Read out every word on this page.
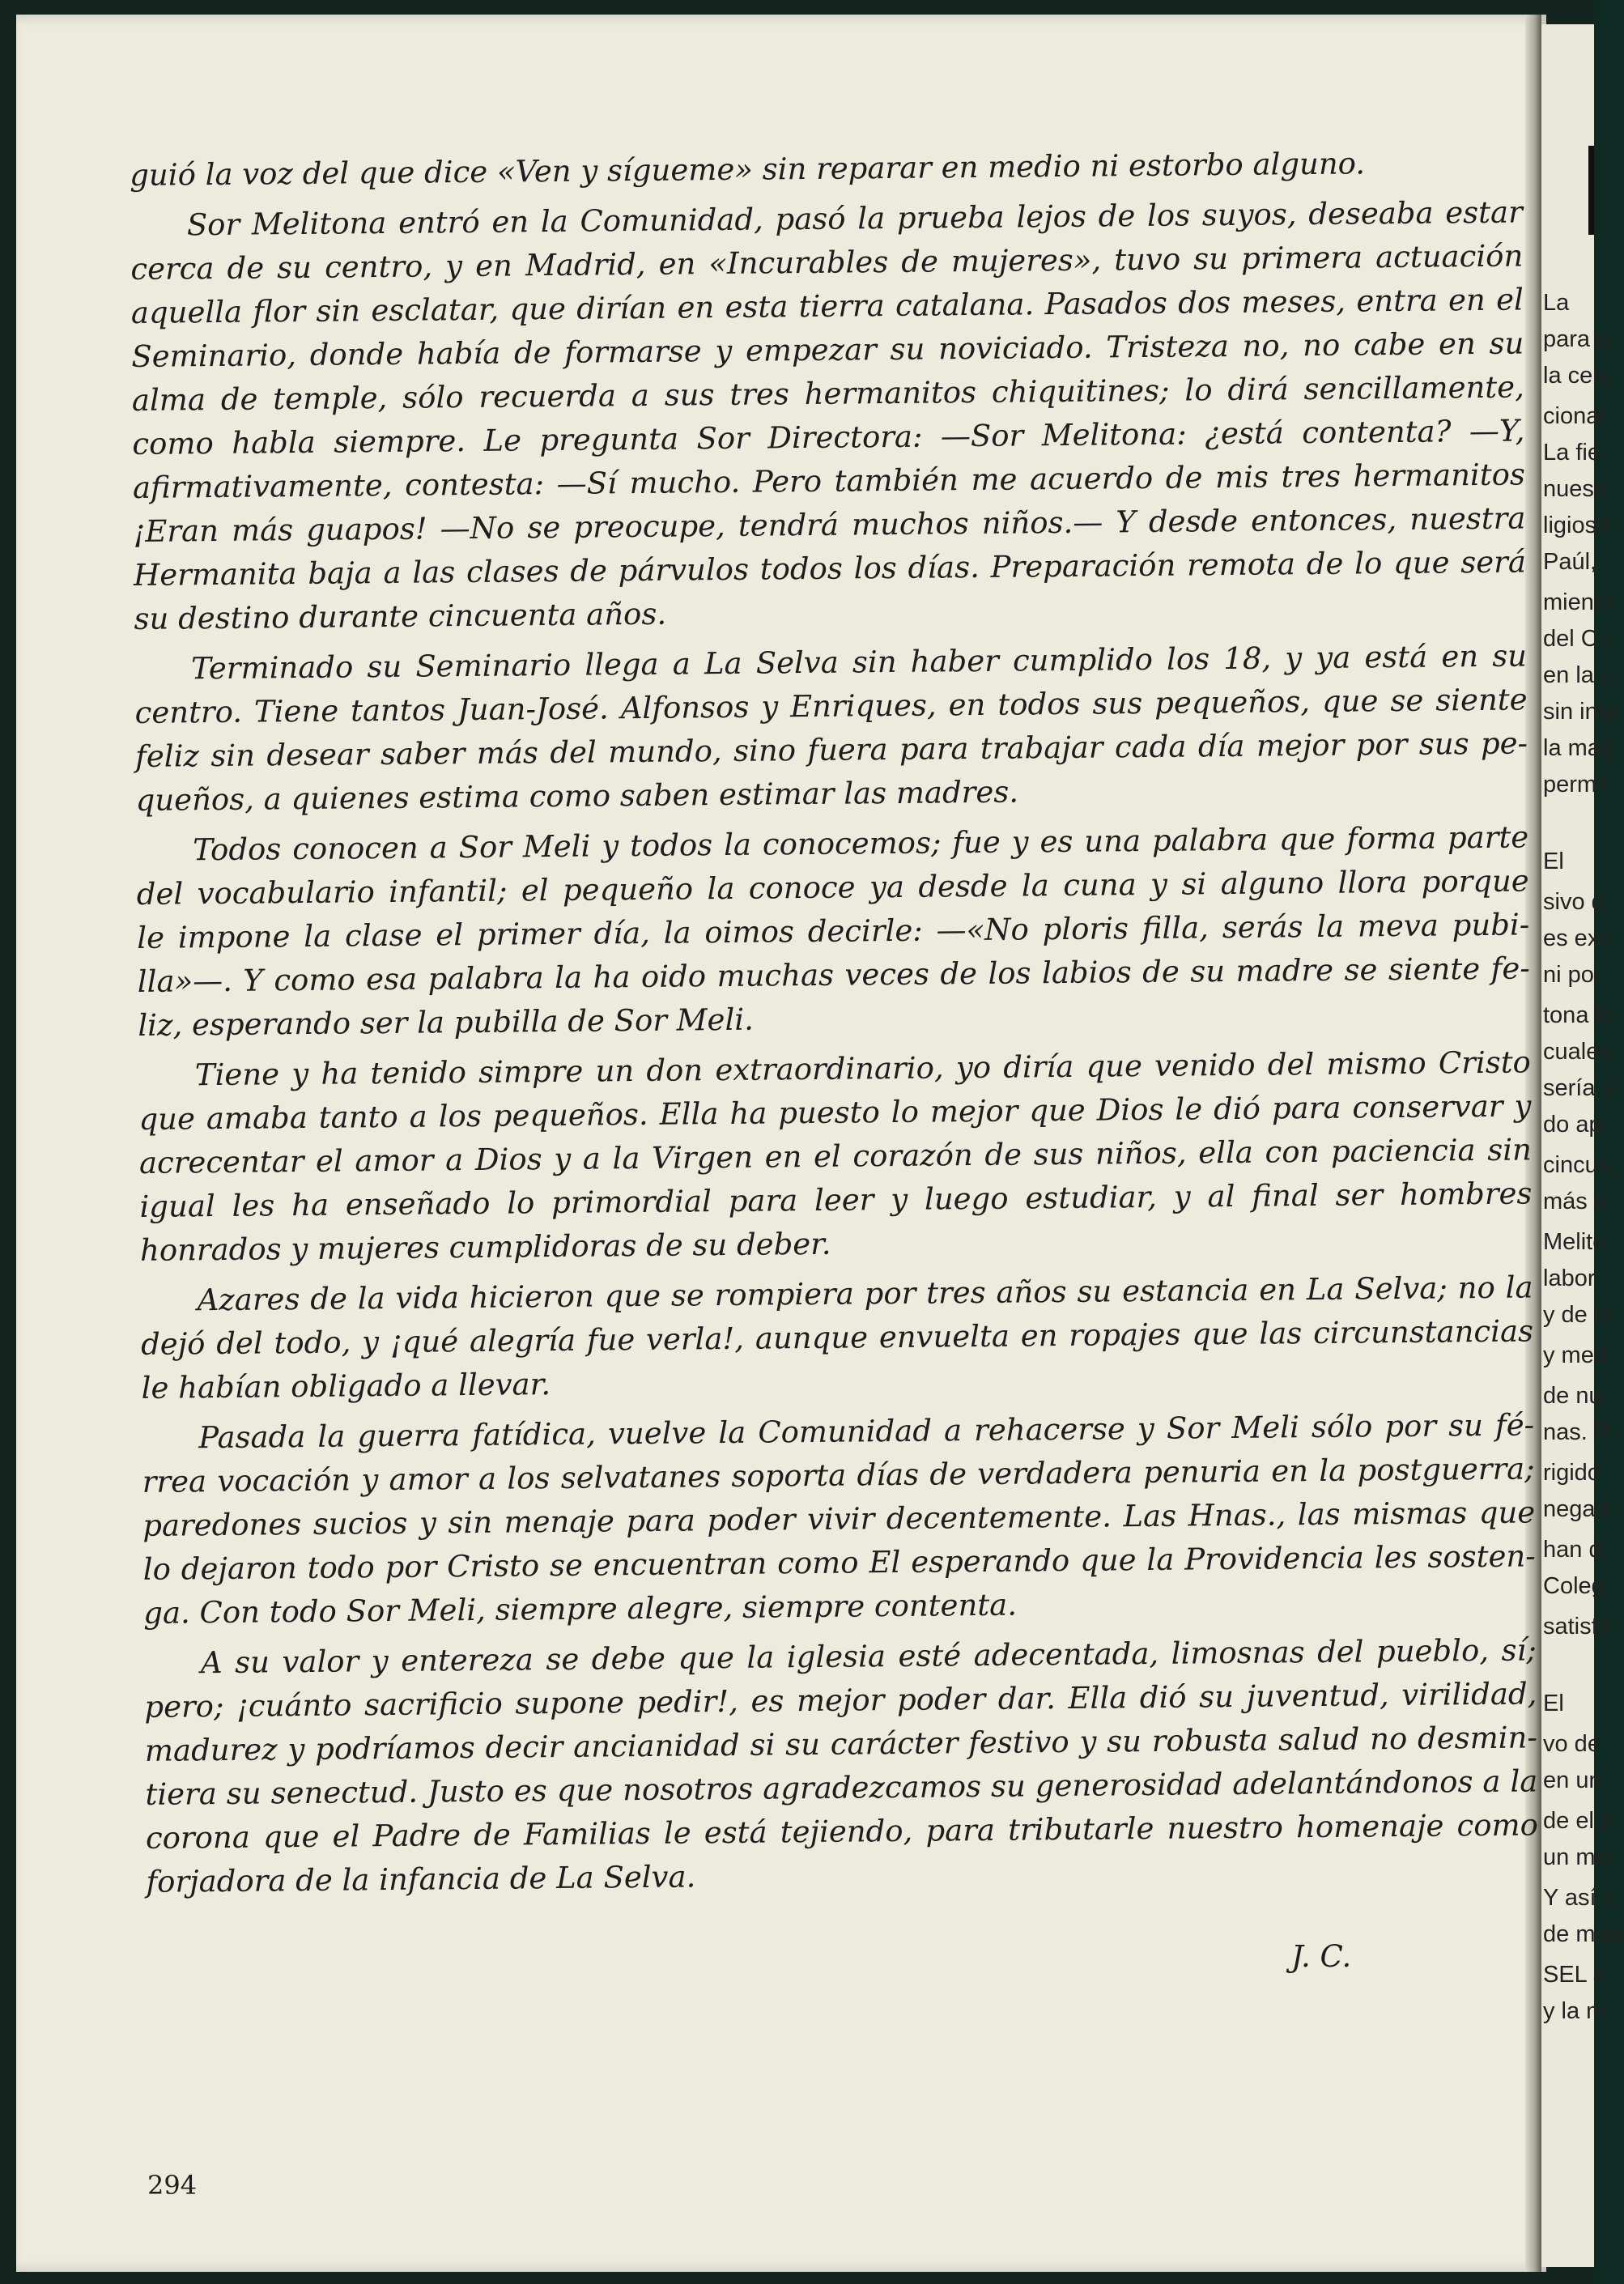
La

para e

la cele

cional

La fie

nuestr

ligiosa

Paúl,

miento

del Co

en la c

sin inte

la may

permit

El

sivo d

es exc

ni por

tona lo

cuales

sería s

do ap

cincue

más o

Melito

labor

y de la

y med

de nu

nas. P

rigido

negad

han d

Coleg

satisfa

El

vo de

en un

de el p

un mo

Y así s

de mad

SEL s

y la m

guió la voz del que dice «Ven y sígueme» sin reparar en medio ni estorbo alguno.
Sor Melitona entró en la Comunidad, pasó la prueba lejos de los suyos, deseaba estar
cerca de su centro, y en Madrid, en «Incurables de mujeres», tuvo su primera actuación
aquella flor sin esclatar, que dirían en esta tierra catalana. Pasados dos meses, entra en el
Seminario, donde había de formarse y empezar su noviciado. Tristeza no, no cabe en su
alma de temple, sólo recuerda a sus tres hermanitos chiquitines; lo dirá sencillamente,
como habla siempre. Le pregunta Sor Directora: —Sor Melitona: ¿está contenta? —Y,
afirmativamente, contesta: —Sí mucho. Pero también me acuerdo de mis tres hermanitos
¡Eran más guapos! —No se preocupe, tendrá muchos niños.— Y desde entonces, nuestra
Hermanita baja a las clases de párvulos todos los días. Preparación remota de lo que será
su destino durante cincuenta años.
Terminado su Seminario llega a La Selva sin haber cumplido los 18, y ya está en su
centro. Tiene tantos Juan-José. Alfonsos y Enriques, en todos sus pequeños, que se siente
feliz sin desear saber más del mundo, sino fuera para trabajar cada día mejor por sus pe-
queños, a quienes estima como saben estimar las madres.
Todos conocen a Sor Meli y todos la conocemos; fue y es una palabra que forma parte
del vocabulario infantil; el pequeño la conoce ya desde la cuna y si alguno llora porque
le impone la clase el primer día, la oimos decirle: —«No ploris filla, serás la meva pubi-
lla»—. Y como esa palabra la ha oido muchas veces de los labios de su madre se siente fe-
liz, esperando ser la pubilla de Sor Meli.
Tiene y ha tenido simpre un don extraordinario, yo diría que venido del mismo Cristo
que amaba tanto a los pequeños. Ella ha puesto lo mejor que Dios le dió para conservar y
acrecentar el amor a Dios y a la Virgen en el corazón de sus niños, ella con paciencia sin
igual les ha enseñado lo primordial para leer y luego estudiar, y al final ser hombres
honrados y mujeres cumplidoras de su deber.
Azares de la vida hicieron que se rompiera por tres años su estancia en La Selva; no la
dejó del todo, y ¡qué alegría fue verla!, aunque envuelta en ropajes que las circunstancias
le habían obligado a llevar.
Pasada la guerra fatídica, vuelve la Comunidad a rehacerse y Sor Meli sólo por su fé-
rrea vocación y amor a los selvatanes soporta días de verdadera penuria en la postguerra;
paredones sucios y sin menaje para poder vivir decentemente. Las Hnas., las mismas que
lo dejaron todo por Cristo se encuentran como El esperando que la Providencia les sosten-
ga. Con todo Sor Meli, siempre alegre, siempre contenta.
A su valor y entereza se debe que la iglesia esté adecentada, limosnas del pueblo, sí;
pero; ¡cuánto sacrificio supone pedir!, es mejor poder dar. Ella dió su juventud, virilidad,
madurez y podríamos decir ancianidad si su carácter festivo y su robusta salud no desmin-
tiera su senectud. Justo es que nosotros agradezcamos su generosidad adelantándonos a la
corona que el Padre de Familias le está tejiendo, para tributarle nuestro homenaje como
forjadora de la infancia de La Selva.
J. C.
294
